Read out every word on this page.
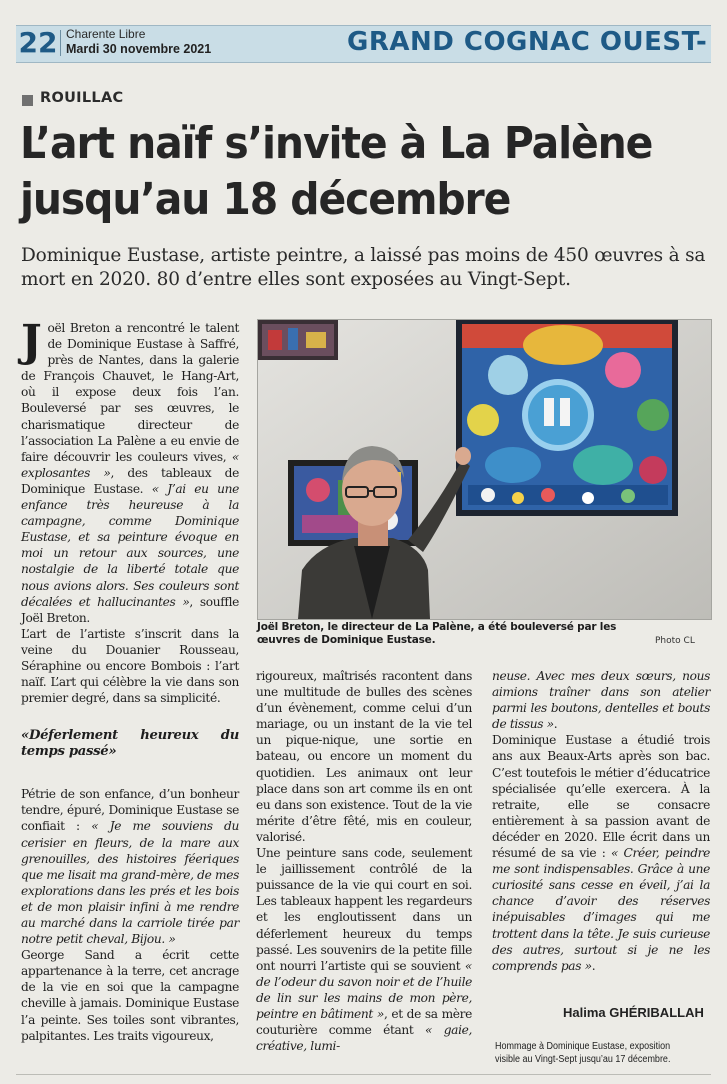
22 Charente Libre
Mardi 30 novembre 2021	GRAND COGNAC OUEST-
ROUILLAC
L’art naïf s’invite à La Palène
jusqu’au 18 décembre
Dominique Eustase, artiste peintre, a laissé pas moins de 450 œuvres à sa mort en 2020. 80 d’entre elles sont exposées au Vingt-Sept.

Joël Breton a rencontré le talent de Dominique Eustase à Saffré, près de Nantes, dans la galerie de François Chauvet, le Hang-Art, où il expose deux fois l’an. Bouleversé par ses œuvres, le charismatique directeur de l’association La Palène a eu envie de faire découvrir les couleurs vives, « explosantes », des tableaux de Dominique Eustase. « J’ai eu une enfance très heureuse à la campagne, comme Dominique Eustase, et sa peinture évoque en moi un retour aux sources, une nostalgie de la liberté totale que nous avions alors. Ses couleurs sont décalées et hallucinantes », souffle Joël Breton.

L’art de l’artiste s’inscrit dans la veine du Douanier Rousseau, Séraphine ou encore Bombois : l’art naïf. L’art qui célèbre la vie dans son premier degré, dans sa simplicité.

«Déferlement heureux du temps passé»

Pétrie de son enfance, d’un bonheur tendre, épuré, Dominique Eustase se confiait : « Je me souviens du cerisier en fleurs, de la mare aux grenouilles, des histoires féeriques que me lisait ma grand-mère, de mes explorations dans les prés et les bois et de mon plaisir infini à me rendre au marché dans la carriole tirée par notre petit cheval, Bijou. »

George Sand a écrit cette appartenance à la terre, cet ancrage de la vie en soi que la campagne cheville à jamais. Dominique Eustase l’a peinte. Ses toiles sont vibrantes, palpitantes. Les traits vigoureux,

Joël Breton, le directeur de La Palène, a été bouleversé par les œuvres de Dominique Eustase.	Photo CL

rigoureux, maîtrisés racontent dans une multitude de bulles des scènes d’un évènement, comme celui d’un mariage, ou un instant de la vie tel un pique-nique, une sortie en bateau, ou encore un moment du quotidien. Les animaux ont leur place dans son art comme ils en ont eu dans son existence. Tout de la vie mérite d’être fêté, mis en couleur, valorisé.

Une peinture sans code, seulement le jaillissement contrôlé de la puissance de la vie qui court en soi. Les tableaux happent les regardeurs et les engloutissent dans un déferlement heureux du temps passé. Les souvenirs de la petite fille ont nourri l’artiste qui se souvient « de l’odeur du savon noir et de l’huile de lin sur les mains de mon père, peintre en bâtiment », et de sa mère couturière comme étant « gaie, créative, lumi-

neuse. Avec mes deux sœurs, nous aimions traîner dans son atelier parmi les boutons, dentelles et bouts de tissus ».

Dominique Eustase a étudié trois ans aux Beaux-Arts après son bac. C’est toutefois le métier d’éducatrice spécialisée qu’elle exercera. À la retraite, elle se consacre entièrement à sa passion avant de décéder en 2020. Elle écrit dans un résumé de sa vie : « Créer, peindre me sont indispensables. Grâce à une curiosité sans cesse en éveil, j’ai la chance d’avoir des réserves inépuisables d’images qui me trottent dans la tête. Je suis curieuse des autres, surtout si je ne les comprends pas ».

Halima GHÉRIBALLAH
Hommage à Dominique Eustase, exposition visible au Vingt-Sept jusqu’au 17 décembre.
